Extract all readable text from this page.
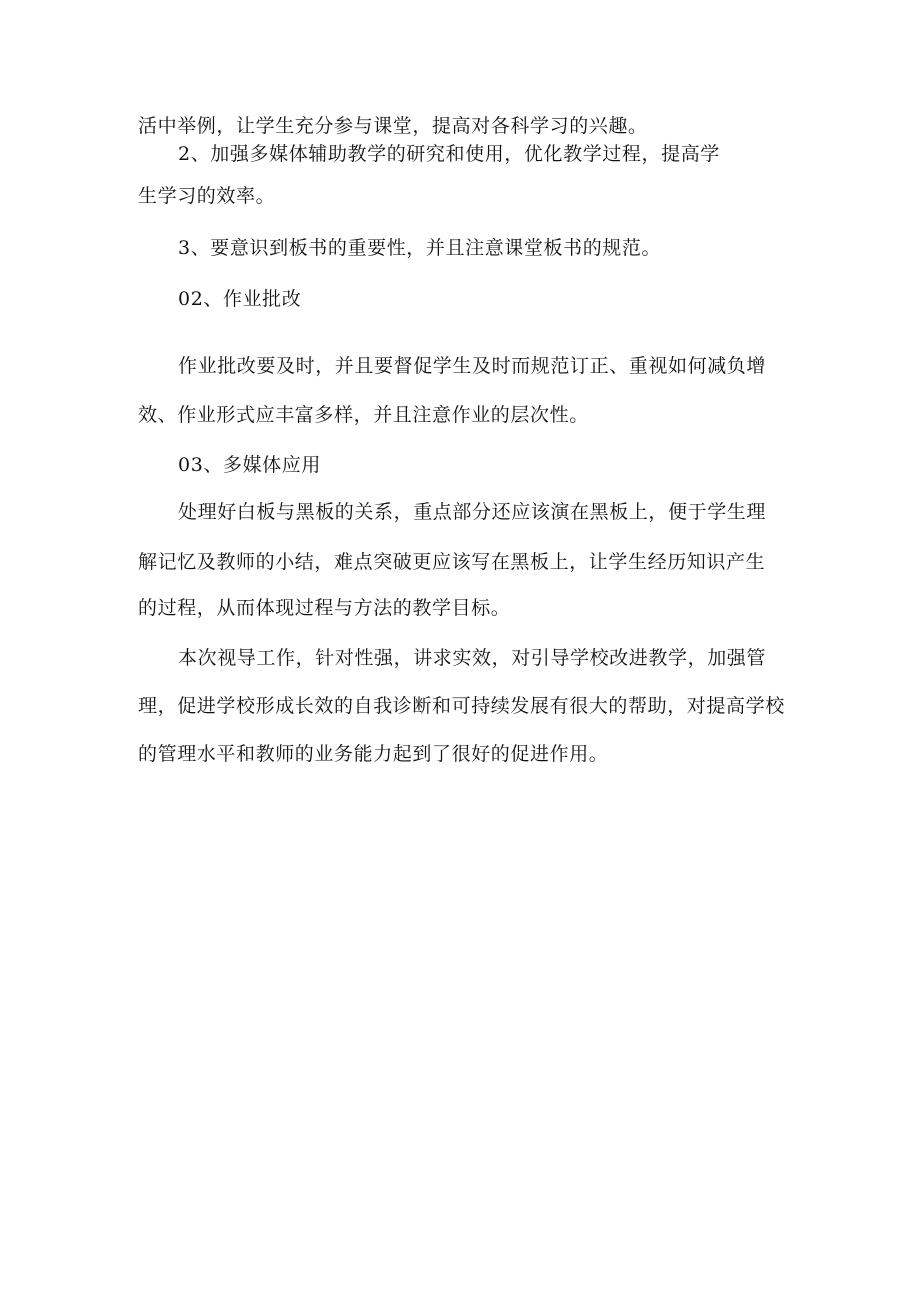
活中举例，让学生充分参与课堂，提高对各科学习的兴趣。
2、加强多媒体辅助教学的研究和使用，优化教学过程，提高学
生学习的效率。
3、要意识到板书的重要性，并且注意课堂板书的规范。
02、作业批改
作业批改要及时，并且要督促学生及时而规范订正、重视如何减负增
效、作业形式应丰富多样，并且注意作业的层次性。
03、多媒体应用
处理好白板与黑板的关系，重点部分还应该演在黑板上，便于学生理
解记忆及教师的小结，难点突破更应该写在黑板上，让学生经历知识产生
的过程，从而体现过程与方法的教学目标。
本次视导工作，针对性强，讲求实效，对引导学校改进教学，加强管
理，促进学校形成长效的自我诊断和可持续发展有很大的帮助，对提高学校
的管理水平和教师的业务能力起到了很好的促进作用。
